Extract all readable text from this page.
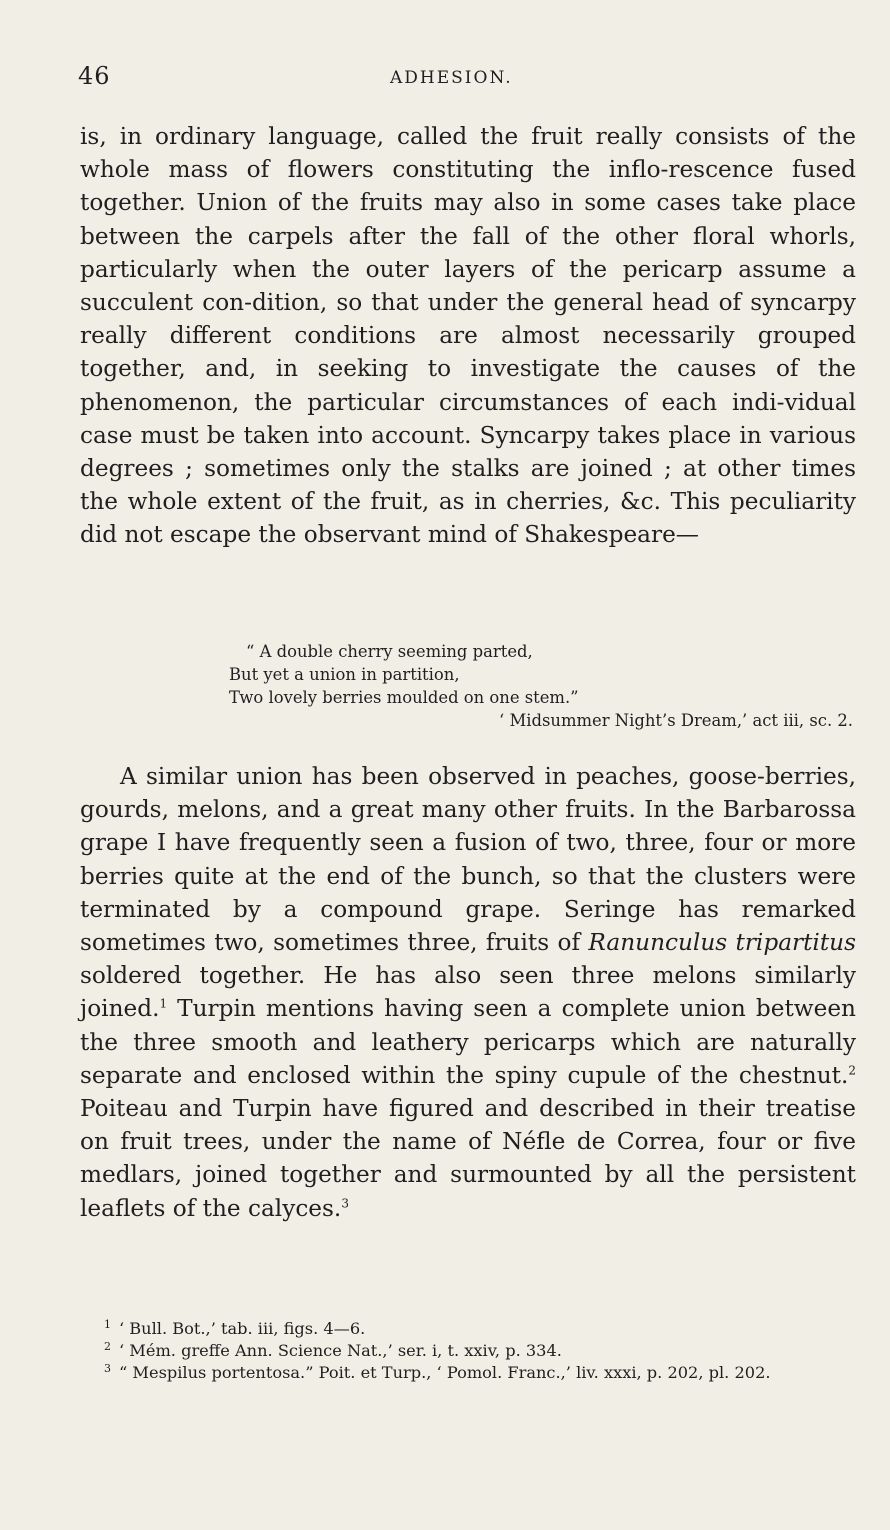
46	ADHESION.

is, in ordinary language, called the fruit really consists of the whole mass of flowers constituting the inflo-rescence fused together. Union of the fruits may also in some cases take place between the carpels after the fall of the other floral whorls, particularly when the outer layers of the pericarp assume a succulent con-dition, so that under the general head of syncarpy really different conditions are almost necessarily grouped together, and, in seeking to investigate the causes of the phenomenon, the particular circumstances of each indi-vidual case must be taken into account. Syncarpy takes place in various degrees ; sometimes only the stalks are joined ; at other times the whole extent of the fruit, as in cherries, &c. This peculiarity did not escape the observant mind of Shakespeare—

“ A double cherry seeming parted,
But yet a union in partition,
Two lovely berries moulded on one stem.”
‘ Midsummer Night’s Dream,’ act iii, sc. 2.

A similar union has been observed in peaches, goose-berries, gourds, melons, and a great many other fruits. In the Barbarossa grape I have frequently seen a fusion of two, three, four or more berries quite at the end of the bunch, so that the clusters were terminated by a compound grape. Seringe has remarked sometimes two, sometimes three, fruits of Ranunculus tripartitus soldered together. He has also seen three melons similarly joined.$^1$ Turpin mentions having seen a complete union between the three smooth and leathery pericarps which are naturally separate and enclosed within the spiny cupule of the chestnut.$^2$ Poiteau and Turpin have figured and described in their treatise on fruit trees, under the name of Néfle de Correa, four or five medlars, joined together and surmounted by all the persistent leaflets of the calyces.$^3$

$^1$ ‘ Bull. Bot.,’ tab. iii, figs. 4—6.

$^2$ ‘ Mém. greffe Ann. Science Nat.,’ ser. i, t. xxiv, p. 334.

$^3$ “ Mespilus portentosa.” Poit. et Turp., ‘ Pomol. Franc.,’ liv. xxxi, p. 202, pl. 202.
